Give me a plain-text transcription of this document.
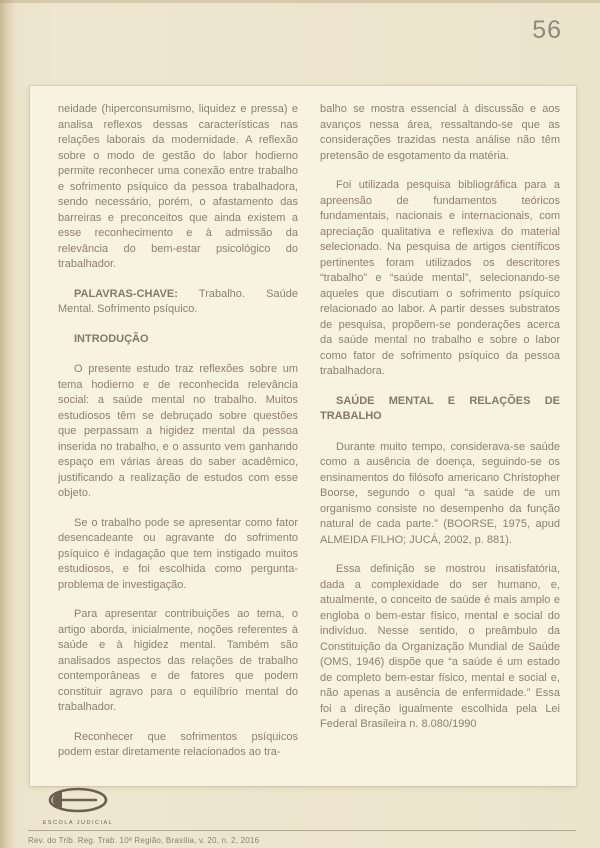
56

neidade (hiperconsumismo, liquidez e pressa) e analisa reflexos dessas características nas relações laborais da modernidade. A reflexão sobre o modo de gestão do labor hodierno permite reconhecer uma conexão entre trabalho e sofrimento psíquico da pessoa trabalhadora, sendo necessário, porém, o afastamento das barreiras e preconceitos que ainda existem a esse reconhecimento e à admissão da relevância do bem-estar psicológico do trabalhador.

PALAVRAS-CHAVE: Trabalho. Saúde Mental. Sofrimento psíquico.

INTRODUÇÃO

O presente estudo traz reflexões sobre um tema hodierno e de reconhecida relevância social: a saúde mental no trabalho. Muitos estudiosos têm se debruçado sobre questões que perpassam a higidez mental da pessoa inserida no trabalho, e o assunto vem ganhando espaço em várias áreas do saber acadêmico, justificando a realização de estudos com esse objeto.

Se o trabalho pode se apresentar como fator desencadeante ou agravante do sofrimento psíquico é indagação que tem instigado muitos estudiosos, e foi escolhida como pergunta-problema de investigação.

Para apresentar contribuições ao tema, o artigo aborda, inicialmente, noções referentes à saúde e à higidez mental. Também são analisados aspectos das relações de trabalho contemporâneas e de fatores que podem constituir agravo para o equilíbrio mental do trabalhador.

Reconhecer que sofrimentos psíquicos podem estar diretamente relacionados ao tra-

balho se mostra essencial à discussão e aos avanços nessa área, ressaltando-se que as considerações trazidas nesta análise não têm pretensão de esgotamento da matéria.

Foi utilizada pesquisa bibliográfica para a apreensão de fundamentos teóricos fundamentais, nacionais e internacionais, com apreciação qualitativa e reflexiva do material selecionado. Na pesquisa de artigos científicos pertinentes foram utilizados os descritores “trabalho” e “saúde mental”, selecionando-se aqueles que discutiam o sofrimento psíquico relacionado ao labor. A partir desses substratos de pesquisa, propõem-se ponderações acerca da saúde mental no trabalho e sobre o labor como fator de sofrimento psíquico da pessoa trabalhadora.

SAÚDE MENTAL E RELAÇÕES DE TRABALHO

Durante muito tempo, considerava-se saúde como a ausência de doença, seguindo-se os ensinamentos do filósofo americano Christopher Boorse, segundo o qual “a saúde de um organismo consiste no desempenho da função natural de cada parte.” (BOORSE, 1975, apud ALMEIDA FILHO; JUCÁ, 2002, p. 881).

Essa definição se mostrou insatisfatória, dada a complexidade do ser humano, e, atualmente, o conceito de saúde é mais amplo e engloba o bem-estar físico, mental e social do indivíduo. Nesse sentido, o preâmbulo da Constituição da Organização Mundial de Saúde (OMS, 1946) dispõe que “a saúde é um estado de completo bem-estar físico, mental e social e, não apenas a ausência de enfermidade.” Essa foi a direção igualmente escolhida pela Lei Federal Brasileira n. 8.080/1990

ESCOLA JUDICIAL
Rev. do Trib. Reg. Trab. 10ª Região, Brasília, v. 20, n. 2, 2016
